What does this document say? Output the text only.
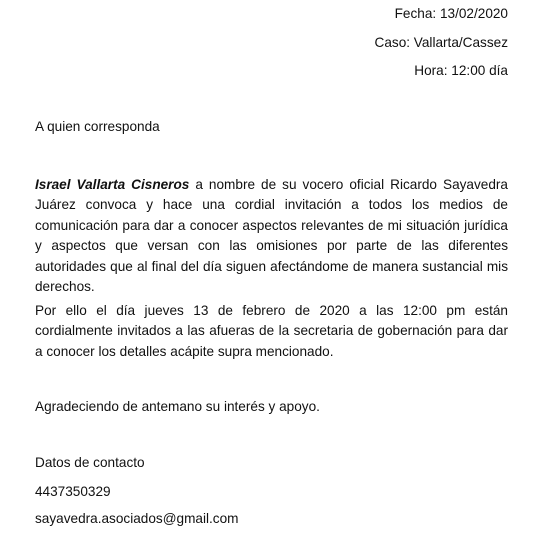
Fecha: 13/02/2020
Caso: Vallarta/Cassez
Hora: 12:00 día
A quien corresponda

Israel Vallarta Cisneros a nombre de su vocero oficial Ricardo Sayavedra Juárez convoca y hace una cordial invitación a todos los medios de comunicación para dar a conocer aspectos relevantes de mi situación jurídica y aspectos que versan con las omisiones por parte de las diferentes autoridades que al final del día siguen afectándome de manera sustancial mis derechos.

Por ello el día jueves 13 de febrero de 2020 a las 12:00 pm están cordialmente invitados a las afueras de la secretaria de gobernación para dar a conocer los detalles acápite supra mencionado.

Agradeciendo de antemano su interés y apoyo.
Datos de contacto
4437350329
sayavedra.asociados@gmail.com
